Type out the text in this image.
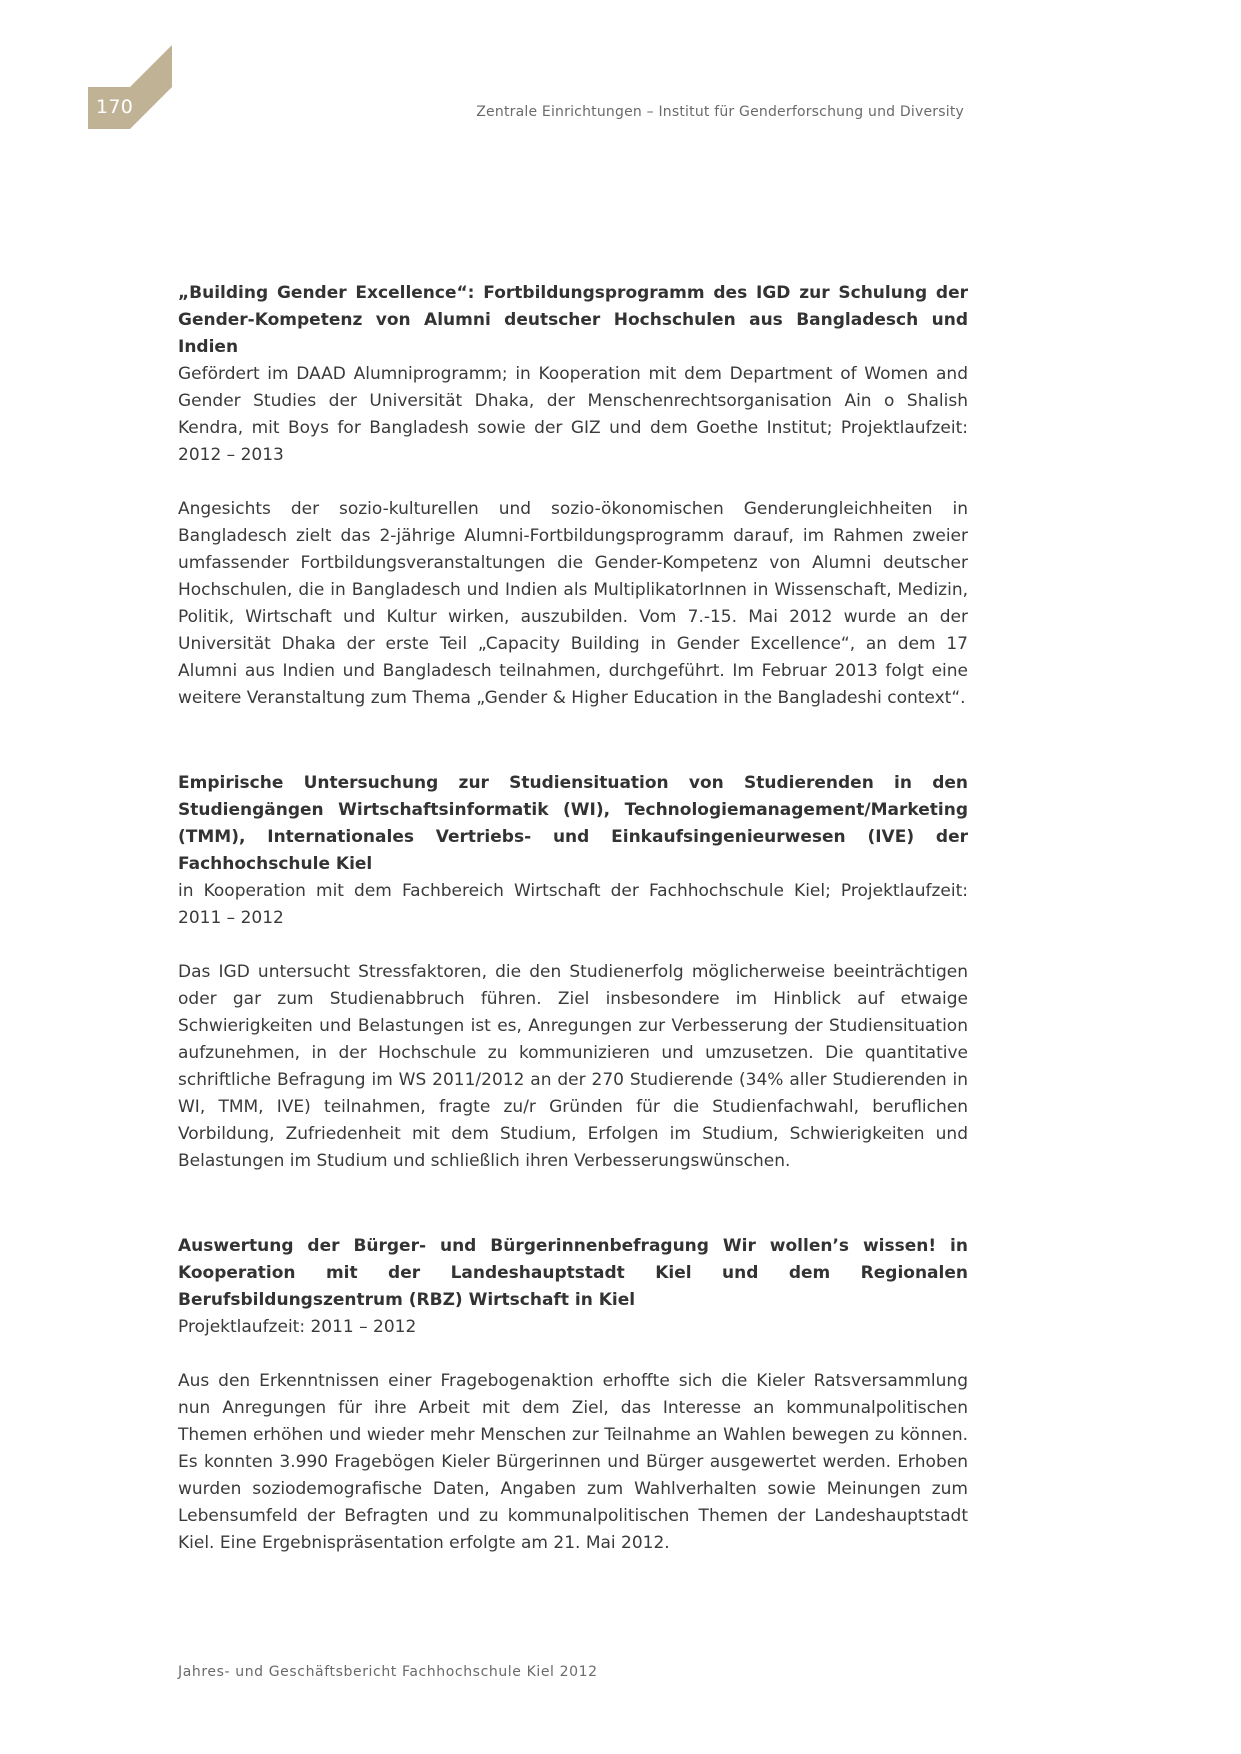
170	Zentrale Einrichtungen – Institut für Genderforschung und Diversity

„Building Gender Excellence“: Fortbildungsprogramm des IGD zur Schulung der Gender-Kompetenz von Alumni deutscher Hochschulen aus Bangladesch und Indien

Gefördert im DAAD Alumniprogramm; in Kooperation mit dem Department of Women and Gender Studies der Universität Dhaka, der Menschenrechtsorganisation Ain o Shalish Kendra, mit Boys for Bangladesh sowie der GIZ und dem Goethe Institut; Projektlaufzeit: 2012 – 2013

Angesichts der sozio-kulturellen und sozio-ökonomischen Genderungleichheiten in Bangladesch zielt das 2-jährige Alumni-Fortbildungsprogramm darauf, im Rahmen zweier umfassender Fortbildungsveranstaltungen die Gender-Kompetenz von Alumni deutscher Hochschulen, die in Bangladesch und Indien als MultiplikatorInnen in Wissenschaft, Medizin, Politik, Wirtschaft und Kultur wirken, auszubilden. Vom 7.-15. Mai 2012 wurde an der Universität Dhaka der erste Teil „Capacity Building in Gender Excellence“, an dem 17 Alumni aus Indien und Bangladesch teilnahmen, durchgeführt. Im Februar 2013 folgt eine weitere Veranstaltung zum Thema „Gender & Higher Education in the Bangladeshi context“.

Empirische Untersuchung zur Studiensituation von Studierenden in den Studiengängen Wirtschaftsinformatik (WI), Technologiemanagement/Marketing (TMM), Internationales Vertriebs- und Einkaufsingenieurwesen (IVE) der Fachhochschule Kiel

in Kooperation mit dem Fachbereich Wirtschaft der Fachhochschule Kiel; Projektlaufzeit: 2011 – 2012

Das IGD untersucht Stressfaktoren, die den Studienerfolg möglicherweise beeinträchtigen oder gar zum Studienabbruch führen. Ziel insbesondere im Hinblick auf etwaige Schwierigkeiten und Belastungen ist es, Anregungen zur Verbesserung der Studiensituation aufzunehmen, in der Hochschule zu kommunizieren und umzusetzen. Die quantitative schriftliche Befragung im WS 2011/2012 an der 270 Studierende (34% aller Studierenden in WI, TMM, IVE) teilnahmen, fragte zu/r Gründen für die Studienfachwahl, beruflichen Vorbildung, Zufriedenheit mit dem Studium, Erfolgen im Studium, Schwierigkeiten und Belastungen im Studium und schließlich ihren Verbesserungswünschen.

Auswertung der Bürger- und Bürgerinnenbefragung Wir wollen’s wissen! in Kooperation mit der Landeshauptstadt Kiel und dem Regionalen Berufsbildungszentrum (RBZ) Wirtschaft in Kiel

Projektlaufzeit: 2011 – 2012

Aus den Erkenntnissen einer Fragebogenaktion erhoffte sich die Kieler Ratsversammlung nun Anregungen für ihre Arbeit mit dem Ziel, das Interesse an kommunalpolitischen Themen erhöhen und wieder mehr Menschen zur Teilnahme an Wahlen bewegen zu können. Es konnten 3.990 Fragebögen Kieler Bürgerinnen und Bürger ausgewertet werden. Erhoben wurden soziodemografische Daten, Angaben zum Wahlverhalten sowie Meinungen zum Lebensumfeld der Befragten und zu kommunalpolitischen Themen der Landeshauptstadt Kiel. Eine Ergebnispräsentation erfolgte am 21. Mai 2012.

Jahres- und Geschäftsbericht Fachhochschule Kiel 2012
